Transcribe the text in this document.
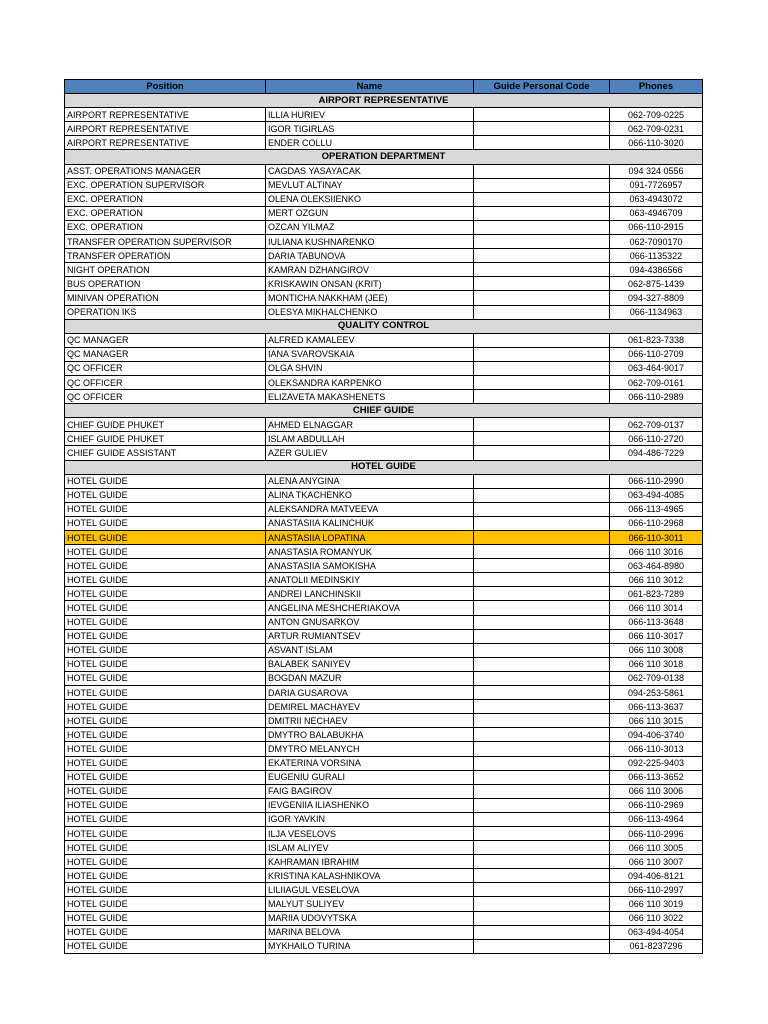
Position	Name	Guide Personal Code	Phones
AIRPORT REPRESENTATIVE			
AIRPORT REPRESENTATIVE	ILLIA HURIEV		062-709-0225
AIRPORT REPRESENTATIVE	IGOR TIGIRLAS		062-709-0231
AIRPORT REPRESENTATIVE	ENDER COLLU		066-110-3020
OPERATION DEPARTMENT			
ASST. OPERATIONS MANAGER	CAGDAS YASAYACAK		094 324 0556
EXC. OPERATION SUPERVISOR	MEVLUT ALTINAY		091-7726957
EXC. OPERATION	OLENA OLEKSIIENKO		063-4943072
EXC. OPERATION	MERT OZGUN		063-4946709
EXC. OPERATION	OZCAN YILMAZ		066-110-2915
TRANSFER OPERATION SUPERVISOR	IULIANA KUSHNARENKO		062-7090170
TRANSFER OPERATION	DARIA TABUNOVA		066-1135322
NIGHT OPERATION	KAMRAN DZHANGIROV		094-4386566
BUS OPERATION	KRISKAWIN ONSAN (KRIT)		062-875-1439
MINIVAN OPERATION	MONTICHA NAKKHAM (JEE)		094-327-8809
OPERATION IKS	OLESYA MIKHALCHENKO		066-1134963
QUALITY CONTROL			
QC MANAGER	ALFRED KAMALEEV		061-823-7338
QC MANAGER	IANA SVAROVSKAIA		066-110-2709
QC OFFICER	OLGA SHVIN		063-464-9017
QC OFFICER	OLEKSANDRA KARPENKO		062-709-0161
QC OFFICER	ELIZAVETA MAKASHENETS		066-110-2989
CHIEF GUIDE			
CHIEF GUIDE PHUKET	AHMED ELNAGGAR		062-709-0137
CHIEF GUIDE PHUKET	ISLAM ABDULLAH		066-110-2720
CHIEF GUIDE ASSISTANT	AZER GULIEV		094-486-7229
HOTEL GUIDE			
HOTEL GUIDE	ALENA ANYGINA		066-110-2990
HOTEL GUIDE	ALINA TKACHENKO		063-494-4085
HOTEL GUIDE	ALEKSANDRA MATVEEVA		066-113-4965
HOTEL GUIDE	ANASTASIIA KALINCHUK		066-110-2968
HOTEL GUIDE	ANASTASIIA LOPATINA		066-110-3011
HOTEL GUIDE	ANASTASIA ROMANYUK		066 110 3016
HOTEL GUIDE	ANASTASIIA SAMOKISHA		063-464-8980
HOTEL GUIDE	ANATOLII MEDINSKIY		066 110 3012
HOTEL GUIDE	ANDREI LANCHINSKII		061-823-7289
HOTEL GUIDE	ANGELINA MESHCHERIAKOVA		066 110 3014
HOTEL GUIDE	ANTON GNUSARKOV		066-113-3648
HOTEL GUIDE	ARTUR RUMIANTSEV		066 110-3017
HOTEL GUIDE	ASVANT ISLAM		066 110 3008
HOTEL GUIDE	BALABEK SANIYEV		066 110 3018
HOTEL GUIDE	BOGDAN MAZUR		062-709-0138
HOTEL GUIDE	DARIA GUSAROVA		094-253-5861
HOTEL GUIDE	DEMIREL MACHAYEV		066-113-3637
HOTEL GUIDE	DMITRII NECHAEV		066 110 3015
HOTEL GUIDE	DMYTRO BALABUKHA		094-406-3740
HOTEL GUIDE	DMYTRO MELANYCH		066-110-3013
HOTEL GUIDE	EKATERINA VORSINA		092-225-9403
HOTEL GUIDE	EUGENIU GURALI		066-113-3652
HOTEL GUIDE	FAIG BAGIROV		066 110 3006
HOTEL GUIDE	IEVGENIIA ILIASHENKO		066-110-2969
HOTEL GUIDE	IGOR YAVKIN		066-113-4964
HOTEL GUIDE	ILJA VESELOVS		066-110-2996
HOTEL GUIDE	ISLAM ALIYEV		066 110 3005
HOTEL GUIDE	KAHRAMAN IBRAHIM		066 110 3007
HOTEL GUIDE	KRISTINA KALASHNIKOVA		094-406-8121
HOTEL GUIDE	LILIIAGUL VESELOVA		066-110-2997
HOTEL GUIDE	MALYUT SULIYEV		066 110 3019
HOTEL GUIDE	MARIIA UDOVYTSKA		066 110 3022
HOTEL GUIDE	MARINA BELOVA		063-494-4054
HOTEL GUIDE	MYKHAILO TURINA		061-8237296
